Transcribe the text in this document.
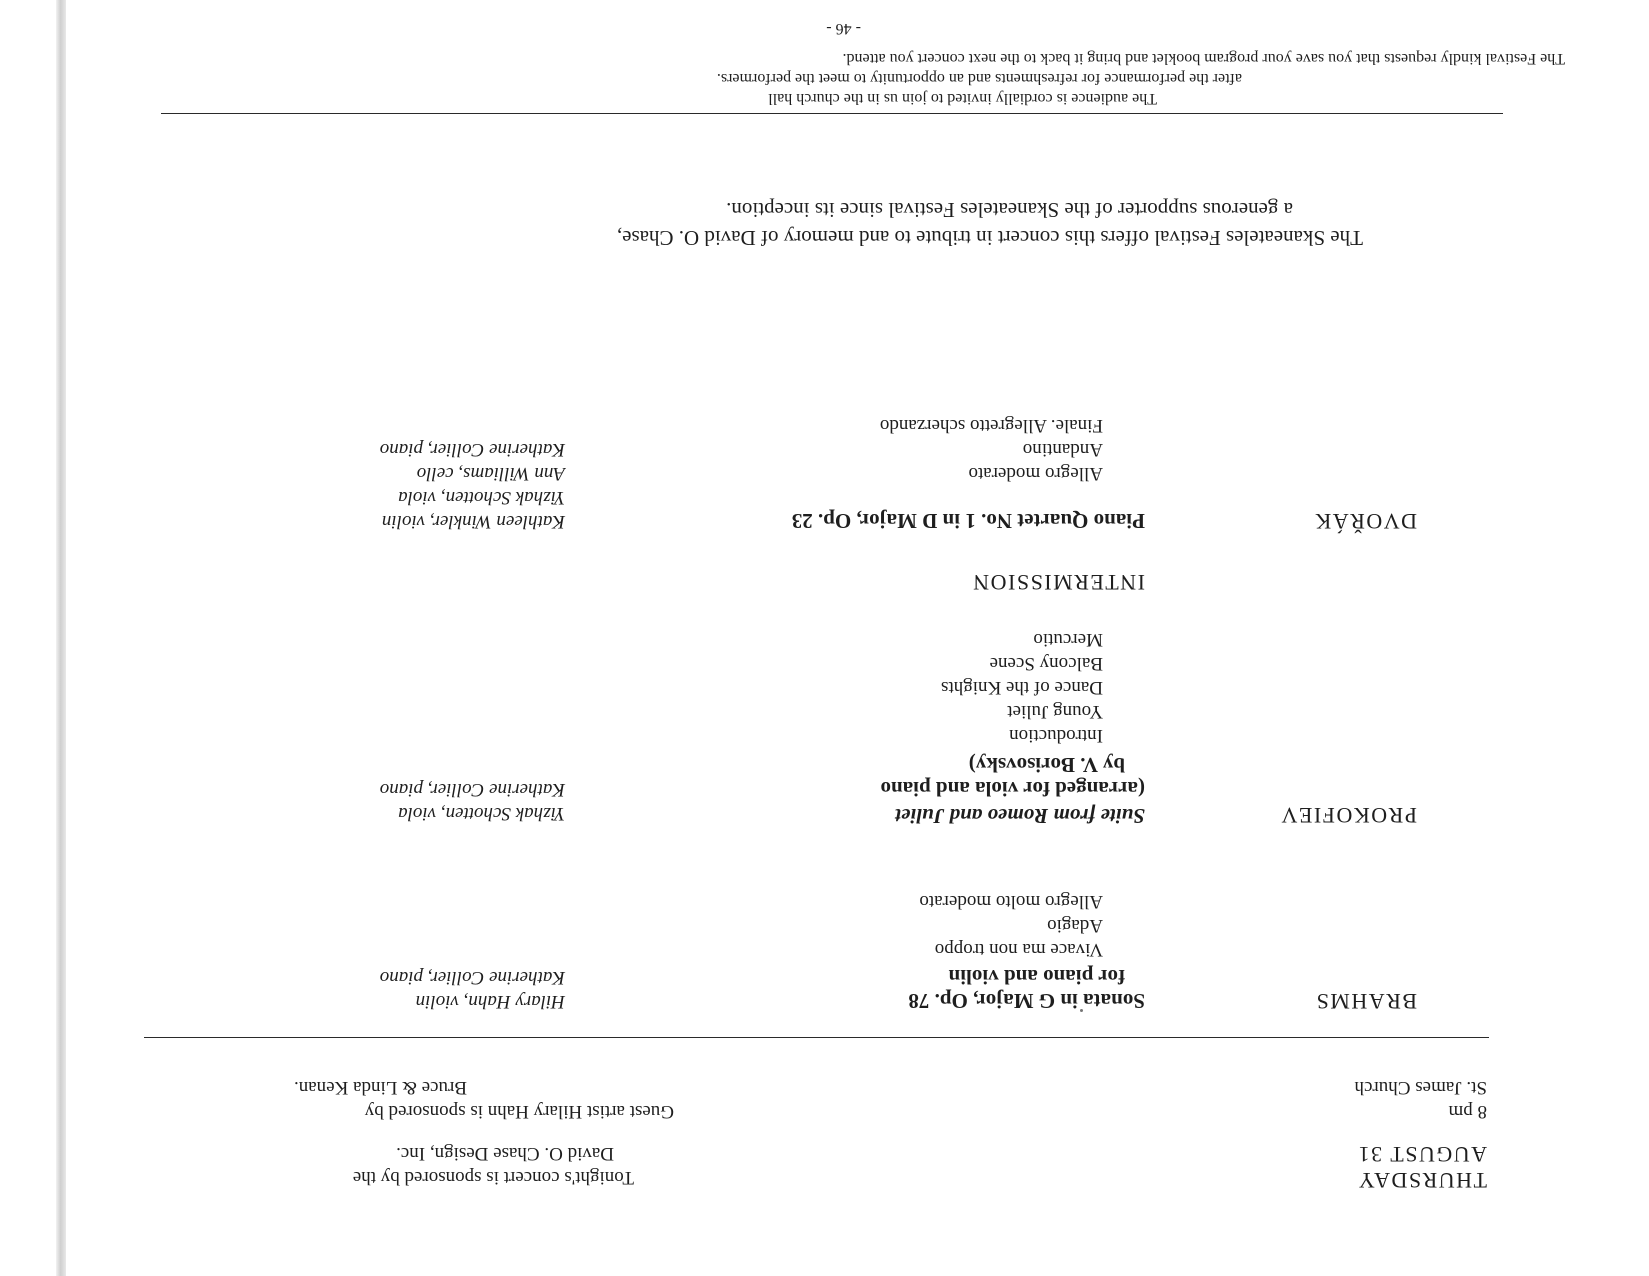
THURSDAY
AUGUST 31
8 pm
St. James Church
Tonight's concert is sponsored by the
David O. Chase Design, Inc.
Guest artist Hilary Hahn is sponsored by
Bruce & Linda Kenan.
BRAHMS
Sonata in G Major, Op. 78
for piano and violin
Hilary Hahn, violin
Katherine Collier, piano
Vivace ma non troppo
Adagio
Allegro molto moderato
PROKOFIEV
Suite from Romeo and Juliet
(arranged for viola and piano
by V. Borisovsky)
Yizhak Schotten, viola
Katherine Collier, piano
Introduction
Young Juliet
Dance of the Knights
Balcony Scene
Mercutio
INTERMISSION
DVOŘÁK
Piano Quartet No. 1 in D Major, Op. 23
Kathleen Winkler, violin
Yizhak Schotten, viola
Ann Williams, cello
Katherine Collier, piano
Allegro moderato
Andantino
Finale. Allegretto scherzando
The Skaneateles Festival offers this concert in tribute to and memory of David O. Chase,
a generous supporter of the Skaneateles Festival since its inception.
The audience is cordially invited to join us in the church hall
after the performance for refreshments and an opportunity to meet the performers.
The Festival kindly requests that you save your program booklet and bring it back to the next concert you attend.
- 46 -
